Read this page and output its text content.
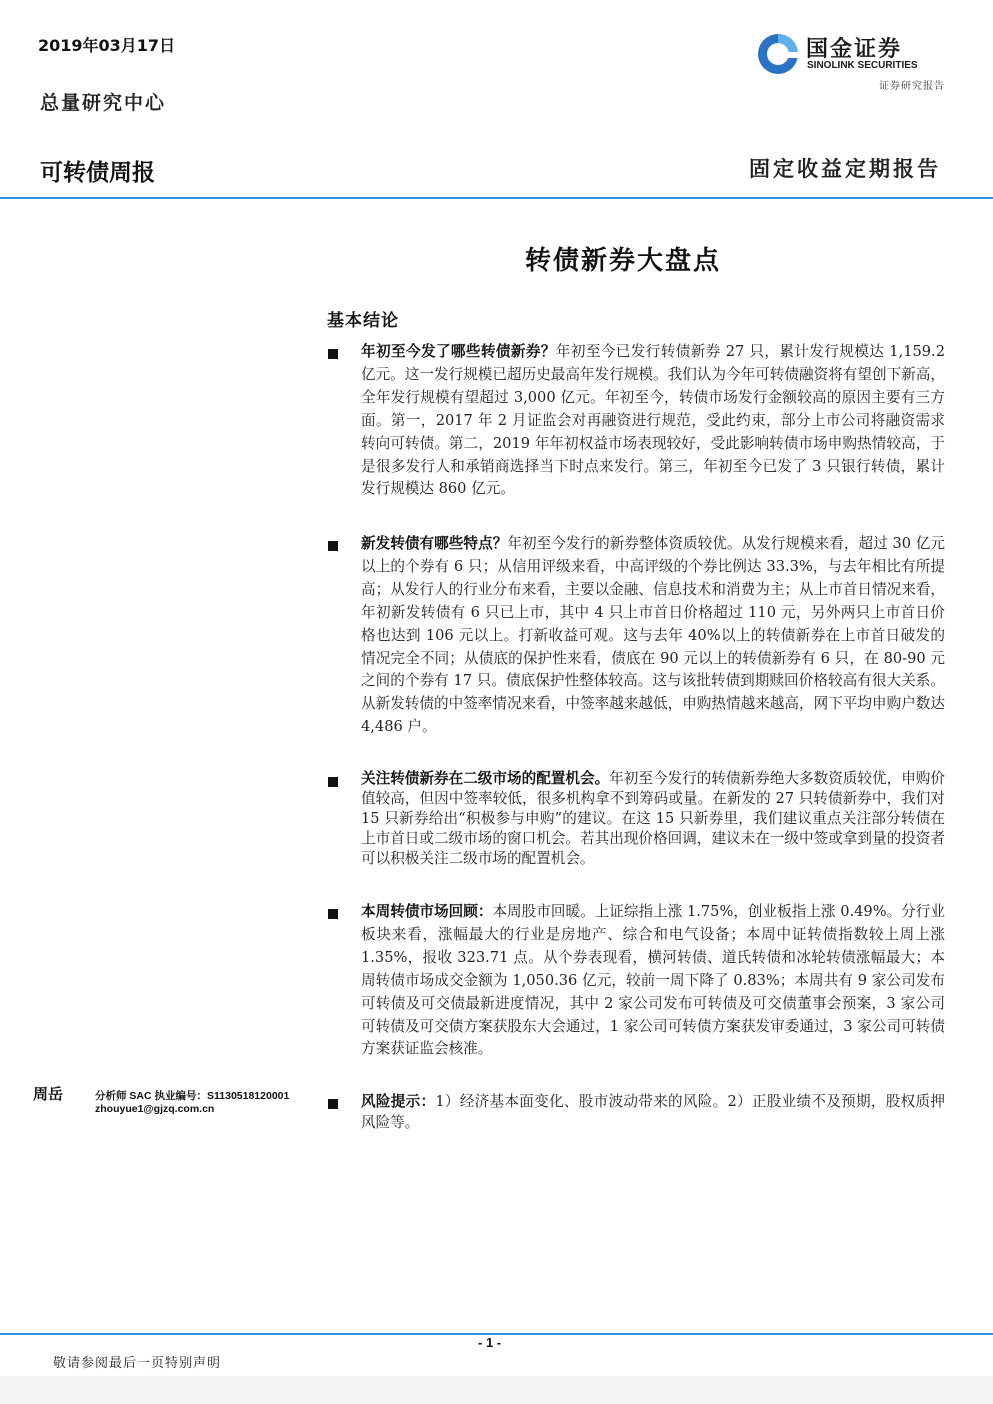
2019年03月17日
总量研究中心
国金证券
SINOLINK SECURITIES
证券研究报告
可转债周报	固定收益定期报告
转债新券大盘点
基本结论

年初至今发了哪些转债新券？年初至今已发行转债新券 27 只，累计发行规模达 1,159.2 亿元。这一发行规模已超历史最高年发行规模。我们认为今年可转债融资将有望创下新高，全年发行规模有望超过 3,000 亿元。年初至今，转债市场发行金额较高的原因主要有三方面。第一，2017 年 2 月证监会对再融资进行规范，受此约束，部分上市公司将融资需求转向可转债。第二，2019 年年初权益市场表现较好，受此影响转债市场申购热情较高，于是很多发行人和承销商选择当下时点来发行。第三，年初至今已发了 3 只银行转债，累计发行规模达 860 亿元。

新发转债有哪些特点？年初至今发行的新券整体资质较优。从发行规模来看，超过 30 亿元以上的个券有 6 只；从信用评级来看，中高评级的个券比例达 33.3%，与去年相比有所提高；从发行人的行业分布来看，主要以金融、信息技术和消费为主；从上市首日情况来看，年初新发转债有 6 只已上市，其中 4 只上市首日价格超过 110 元，另外两只上市首日价格也达到 106 元以上。打新收益可观。这与去年 40%以上的转债新券在上市首日破发的情况完全不同；从债底的保护性来看，债底在 90 元以上的转债新券有 6 只，在 80-90 元之间的个券有 17 只。债底保护性整体较高。这与该批转债到期赎回价格较高有很大关系。从新发转债的中签率情况来看，中签率越来越低，申购热情越来越高，网下平均申购户数达 4,486 户。

关注转债新券在二级市场的配置机会。年初至今发行的转债新券绝大多数资质较优，申购价值较高，但因中签率较低，很多机构拿不到筹码或量。在新发的 27 只转债新券中，我们对 15 只新券给出“积极参与申购”的建议。在这 15 只新券里，我们建议重点关注部分转债在上市首日或二级市场的窗口机会。若其出现价格回调，建议未在一级中签或拿到量的投资者可以积极关注二级市场的配置机会。

本周转债市场回顾：本周股市回暖。上证综指上涨 1.75%，创业板指上涨 0.49%。分行业板块来看，涨幅最大的行业是房地产、综合和电气设备；本周中证转债指数较上周上涨 1.35%，报收 323.71 点。从个券表现看，横河转债、道氏转债和冰轮转债涨幅最大；本周转债市场成交金额为 1,050.36 亿元，较前一周下降了 0.83%；本周共有 9 家公司发布可转债及可交债最新进度情况，其中 2 家公司发布可转债及可交债董事会预案，3 家公司可转债及可交债方案获股东大会通过，1 家公司可转债方案获发审委通过，3 家公司可转债方案获证监会核准。

风险提示：1）经济基本面变化、股市波动带来的风险。2）正股业绩不及预期，股权质押风险等。

周岳	分析师 SAC 执业编号：S1130518120001
zhouyue1@gjzq.com.cn
- 1 -
敬请参阅最后一页特别声明
